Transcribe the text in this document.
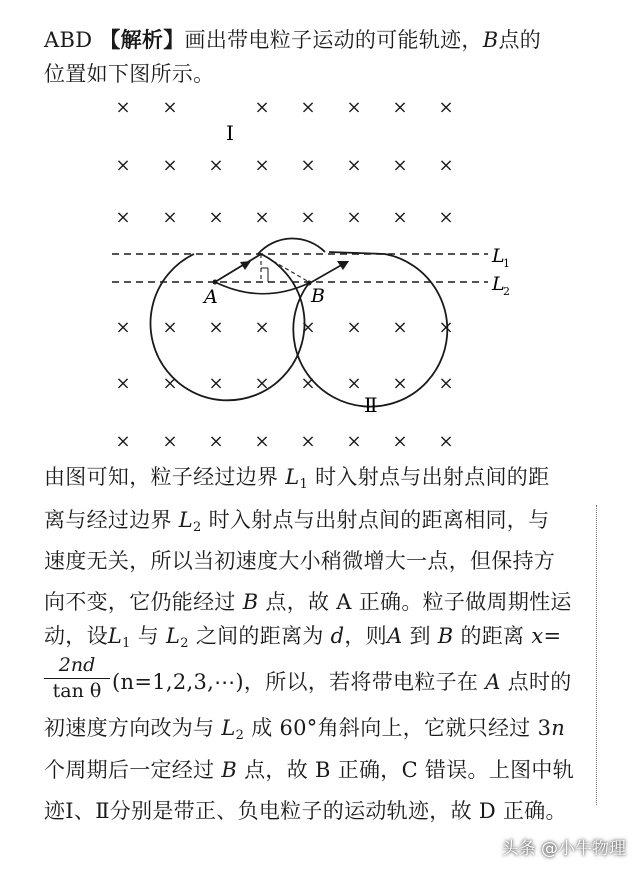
ABD 【解析】画出带电粒子运动的可能轨迹，B点的
位置如下图所示。
× ×	× × × × ×
× × × × × × × ×
× × × × × × × ×
× × × × × × × ×
× × × × × × × ×
× × × × × × × ×
Ⅰ
Ⅱ
A	B
L
1
L
2
由图可知，粒子经过边界 $L_1$ 时入射点与出射点间的距
离与经过边界 $L_2$ 时入射点与出射点间的距离相同，与
速度无关，所以当初速度大小稍微增大一点，但保持方
向不变，它仍能经过 B 点，故 A 正确。粒子做周期性运
动，设$L_1$ 与 $L_2$ 之间的距离为 d，则A 到 B 的距离 x=
$\frac{2nd}{\text{tan θ}}$ (n=1,2,3,⋯)，所以，若将带电粒子在 A 点时的
初速度方向改为与 $L_2$ 成 60°角斜向上，它就只经过 3n
个周期后一定经过 B 点，故 B 正确，C 错误。上图中轨
迹Ⅰ、Ⅱ分别是带正、负电粒子的运动轨迹，故 D 正确。
头条 @小牛物理
